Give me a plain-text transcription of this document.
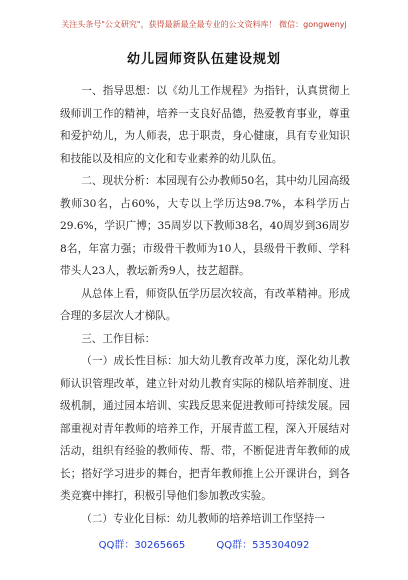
关注头条号"公文研究"，获得最新最全最专业的公文资料库！ 微信：gongwenyj
幼儿园师资队伍建设规划

一、指导思想：以《幼儿工作规程》为指针，认真贯彻上级师训工作的精神，培养一支良好品德，热爱教育事业，尊重和爱护幼儿，为人师表，忠于职责，身心健康，具有专业知识和技能以及相应的文化和专业素养的幼儿队伍。

二、现状分析：本园现有公办教师50名，其中幼儿园高级教师30名，占60%，大专以上学历达98.7%，本科学历占29.6%，学识广博；35周岁以下教师38名，40周岁到36周岁8名，年富力强；市级骨干教师为10人，县级骨干教师、学科带头人23人，教坛新秀9人，技艺超群。

从总体上看，师资队伍学历层次较高，有改革精神。形成合理的多层次人才梯队。

三、工作目标：

（一）成长性目标：加大幼儿教育改革力度，深化幼儿教师认识管理改革，建立针对幼儿教育实际的梯队培养制度、进级机制，通过园本培训、实践反思来促进教师可持续发展。园部重视对青年教师的培养工作，开展青蓝工程，深入开展结对活动，组织有经验的教师传、帮、带，不断促进青年教师的成长；搭好学习进步的舞台，把青年教师推上公开课讲台，到各类竞赛中摔打，积极引导他们参加教改实验。

（二）专业化目标：幼儿教师的培养培训工作坚持一

QQ群：30265665	QQ群：535304092
